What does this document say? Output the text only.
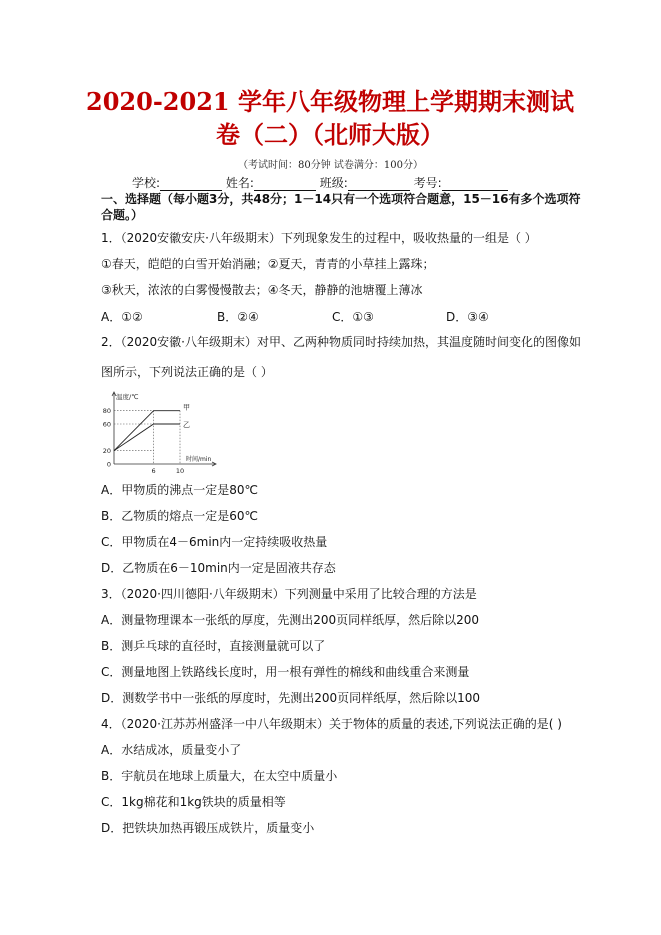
2020-2021 学年八年级物理上学期期末测试
卷（二）（北师大版）
（考试时间：80分钟 试卷满分：100分）
学校:	姓名:	班级:	考号:
一、选择题（每小题3分，共48分；1－14只有一个选项符合题意，15－16有多个选项符
合题。）
1．（2020安徽安庆·八年级期末）下列现象发生的过程中，吸收热量的一组是（ ）
①春天，皑皑的白雪开始消融；②夏天，青青的小草挂上露珠；
③秋天，浓浓的白雾慢慢散去；④冬天，静静的池塘覆上薄冰
A．①②	B．②④	C．①③	D．③④
2．（2020安徽·八年级期末）对甲、乙两种物质同时持续加热，其温度随时间变化的图像如
图所示，下列说法正确的是（ ）
温度/℃
时间/min
80
60
20
0
6	10
甲
乙
A．甲物质的沸点一定是80℃
B．乙物质的熔点一定是60℃
C．甲物质在4－6min内一定持续吸收热量
D．乙物质在6－10min内一定是固液共存态
3．（2020·四川德阳·八年级期末）下列测量中采用了比较合理的方法是
A．测量物理课本一张纸的厚度，先测出200页同样纸厚，然后除以200
B．测乒乓球的直径时，直接测量就可以了
C．测量地图上铁路线长度时，用一根有弹性的棉线和曲线重合来测量
D．测数学书中一张纸的厚度时，先测出200页同样纸厚，然后除以100
4．（2020·江苏苏州盛泽一中八年级期末）关于物体的质量的表述,下列说法正确的是( )
A．水结成冰，质量变小了
B．宇航员在地球上质量大，在太空中质量小
C．1kg棉花和1kg铁块的质量相等
D．把铁块加热再锻压成铁片，质量变小
